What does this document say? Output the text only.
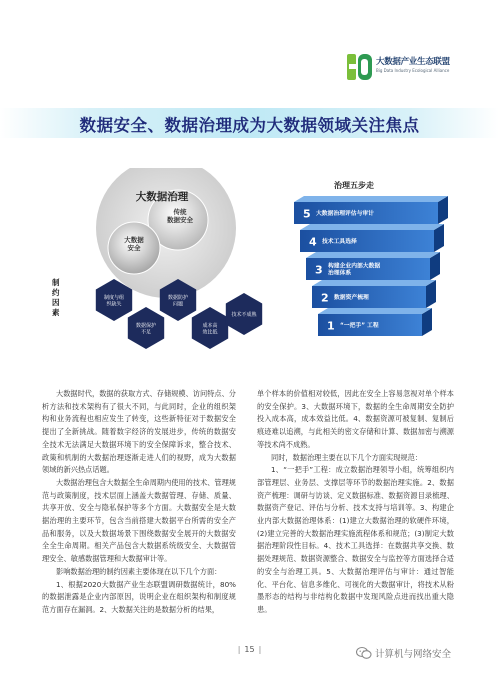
大数据产业生态联盟
Big Data Industry Ecological Alliance
数据安全、数据治理成为大数据领域关注焦点
大数据治理
传统数据安全
大数据安全
制约因素
制度与组织缺失
数据保护不足
数据防护问题
成本高效比低
技术不成熟
治理五步走
5 大数据治理评估与审计
4 技术工具选择
3 构建企业内部大数据治理体系
2 数据资产梳理
1 “一把手” 工程

大数据时代，数据的获取方式、存储规模、访问特点、分析方法和技术架构有了很大不同，与此同时，企业的组织架构和业务流程也相应发生了转变，这些新特征对于数据安全提出了全新挑战。随着数字经济的发展进步，传统的数据安全技术无法满足大数据环境下的安全保障诉求，整合技术、政策和机制的大数据治理逐渐走进人们的视野，成为大数据领域的新兴热点话题。

大数据治理包含大数据全生命周期内使用的技术、管理规范与政策制度，技术层面上涵盖大数据管理、存储、质量、共享开放、安全与隐私保护等多个方面。大数据安全是大数据治理的主要环节，包含当前搭建大数据平台所需的安全产品和服务，以及大数据场景下围绕数据安全展开的大数据安全全生命周期。相关产品包含大数据系统级安全、大数据管理安全、敏感数据管理和大数据审计等。

影响数据治理的制约因素主要体现在以下几个方面：

1、根据2020大数据产业生态联盟调研数据统计，80%的数据泄露是企业内部原因，说明企业在组织架构和制度规范方面存在漏洞。2、大数据关注的是数据分析的结果，

单个样本的价值相对较低，因此在安全上容易忽视对单个样本的安全保护。3、大数据环境下，数据的全生命周期安全防护投入成本高，成本效益比低。4、数据资源可被复制、复制后痕迹难以追溯，与此相关的密文存储和计算、数据加密与溯源等技术尚不成熟。

同时，数据治理主要在以下几个方面实现规范：

1、“一把手”工程：成立数据治理领导小组，统筹组织内部管理层、业务层、支撑层等环节的数据治理实施。2、数据资产梳理：调研与访谈、定义数据标准、数据资源目录梳理、数据资产登记、评估与分析、技术支持与培训等。3、构建企业内部大数据治理体系：(1)建立大数据治理的软硬件环境，(2)建立完善的大数据治理实施流程体系和规范；(3)制定大数据治理阶段性目标。4、技术工具选择：在数据共享交换、数据处理规范、数据资源整合、数据安全与监控等方面选择合适的安全与治理工具。5、大数据治理评估与审计：通过智能化、平台化、信息多维化、可视化的大数据审计，将技术从粉墨形态的结构与非结构化数据中发现风险点进而找出重大隐患。

| 15 |	计算机与网络安全
